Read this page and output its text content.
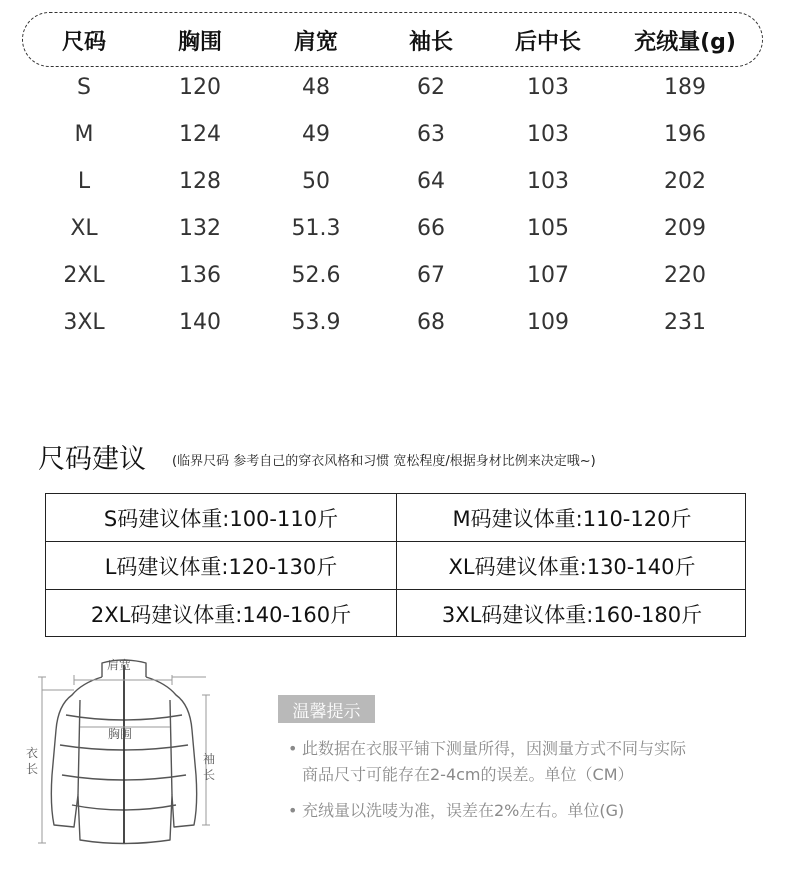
尺码	胸围	肩宽	袖长	后中长 充绒量(g)
S	120	48	62	103	189
M	124	49	63	103	196
L	128	50	64	103	202
XL	132	51.3	66	105	209
2XL	136	52.6	67	107	220
3XL	140	53.9	68	109	231
尺码建议 (临界尺码 参考自己的穿衣风格和习惯 宽松程度/根据身材比例来决定哦~)
S码建议体重:100-110斤	M码建议体重:110-120斤
L码建议体重:120-130斤	XL码建议体重:130-140斤
2XL码建议体重:140-160斤	3XL码建议体重:160-180斤
肩宽
胸围
衣长
袖长
温馨提示
• 此数据在衣服平铺下测量所得，因测量方式不同与实际
商品尺寸可能存在2-4cm的误差。单位（CM）
• 充绒量以洗唛为准，误差在2%左右。单位(G)
